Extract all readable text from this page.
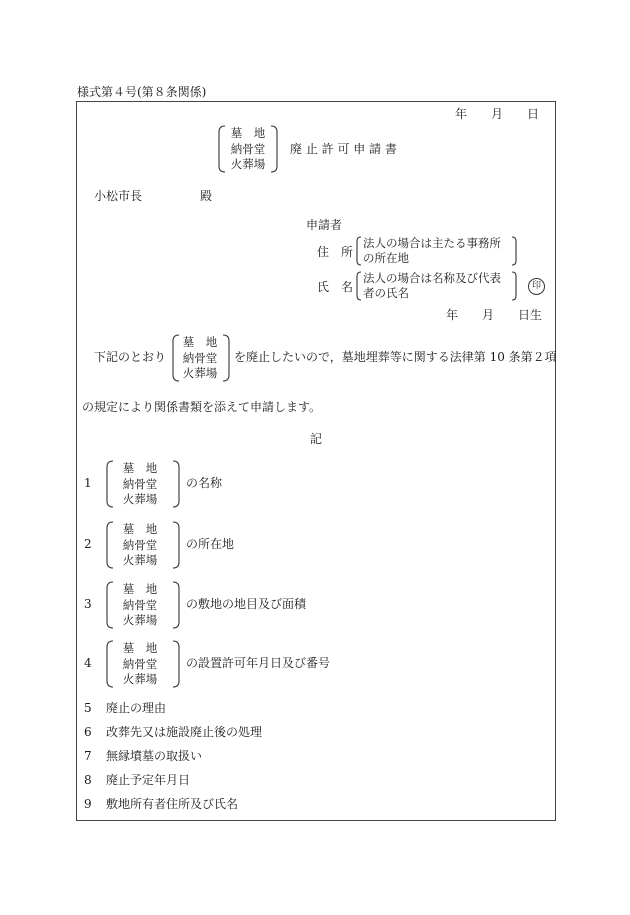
様式第４号(第８条関係)
年　　月　　日
墓　地
納骨堂
火葬場
廃 止 許 可 申 請 書
小松市長	殿
申請者
住　所
法人の場合は主たる事務所
の所在地
氏　名
法人の場合は名称及び代表
者の氏名	印
年　　月　　日生
下記のとおり
墓　地
納骨堂
火葬場
を廃止したいので，墓地埋葬等に関する法律第 10 条第２項
の規定により関係書類を添えて申請します。
記
1
墓　地
納骨堂
火葬場
の名称
2
墓　地
納骨堂
火葬場
の所在地
3
墓　地
納骨堂
火葬場
の敷地の地目及び面積
4
墓　地
納骨堂
火葬場
の設置許可年月日及び番号
5 廃止の理由
6 改葬先又は施設廃止後の処理
7 無縁墳墓の取扱い
8 廃止予定年月日
9 敷地所有者住所及び氏名
